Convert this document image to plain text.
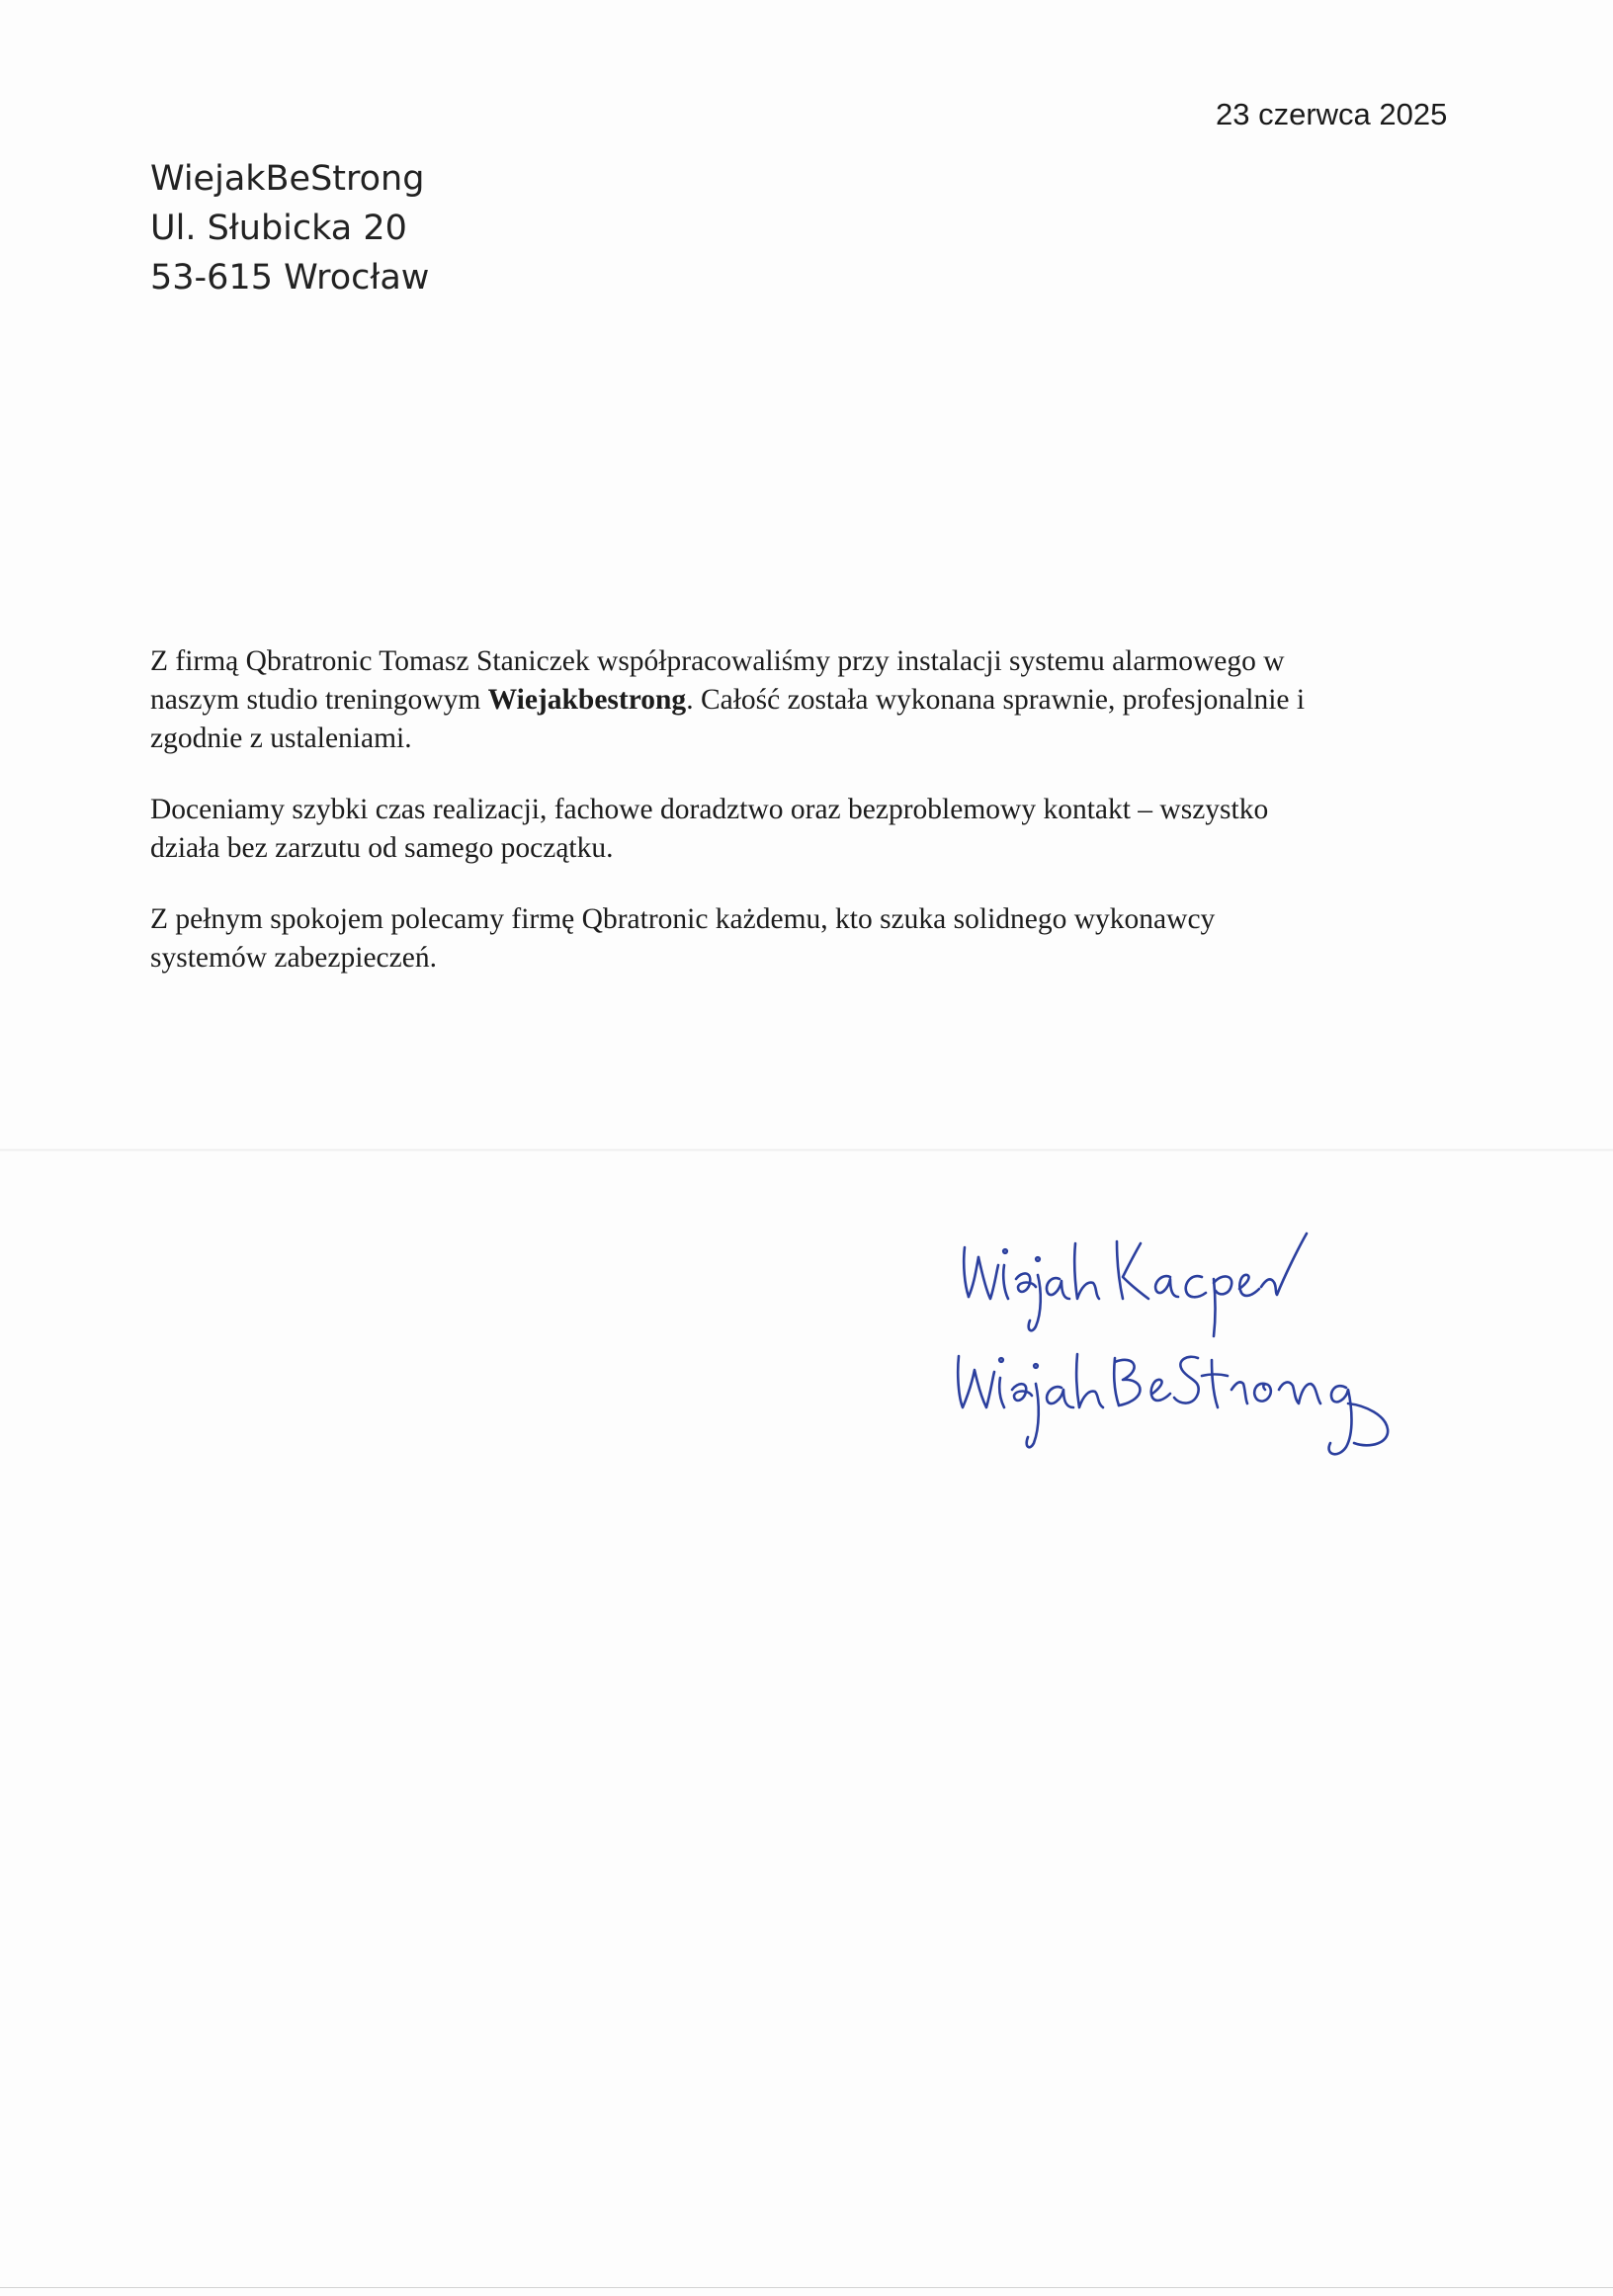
23 czerwca 2025
WiejakBeStrong
Ul. Słubicka 20
53-615 Wrocław

Z firmą Qbratronic Tomasz Staniczek współpracowaliśmy przy instalacji systemu alarmowego w
naszym studio treningowym Wiejakbestrong. Całość została wykonana sprawnie, profesjonalnie i
zgodnie z ustaleniami.

Doceniamy szybki czas realizacji, fachowe doradztwo oraz bezproblemowy kontakt – wszystko
działa bez zarzutu od samego początku.

Z pełnym spokojem polecamy firmę Qbratronic każdemu, kto szuka solidnego wykonawcy
systemów zabezpieczeń.
